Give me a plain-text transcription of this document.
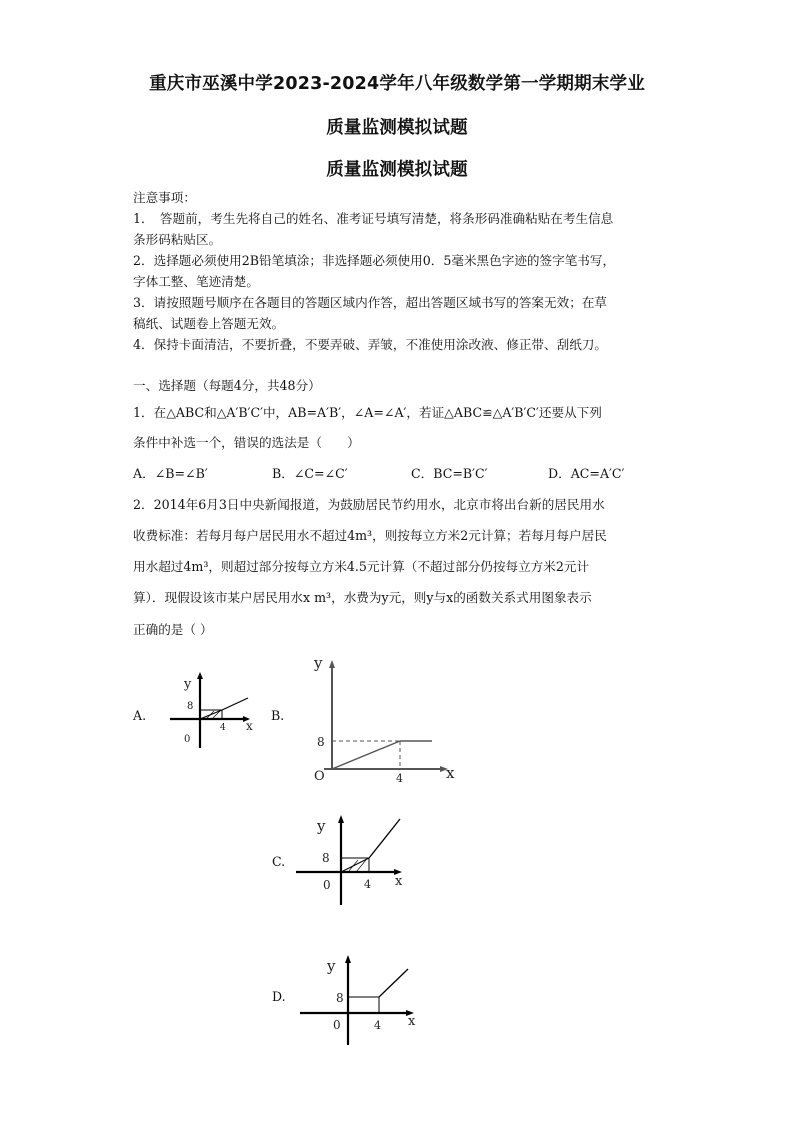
重庆市巫溪中学2023-2024学年八年级数学第一学期期末学业
质量监测模拟试题
质量监测模拟试题
注意事项：
1．　答题前，考生先将自己的姓名、准考证号填写清楚，将条形码准确粘贴在考生信息
条形码粘贴区。
2．选择题必须使用2B铅笔填涂；非选择题必须使用0．5毫米黑色字迹的签字笔书写，
字体工整、笔迹清楚。
3．请按照题号顺序在各题目的答题区域内作答，超出答题区域书写的答案无效；在草
稿纸、试题卷上答题无效。
4．保持卡面清洁，不要折叠，不要弄破、弄皱，不准使用涂改液、修正带、刮纸刀。
一、选择题（每题4分，共48分）
1．在△ABC和△A′B′C′中，AB=A′B′，∠A=∠A′，若证△ABC≌△A′B′C′还要从下列
条件中补选一个，错误的选法是（　　）
A．∠B=∠B′	B．∠C=∠C′	C．BC=B′C′	D．AC=A′C′
2．2014年6月3日中央新闻报道，为鼓励居民节约用水，北京市将出台新的居民用水
收费标准：若每月每户居民用水不超过4m³，则按每立方米2元计算；若每月每户居民
用水超过4m³，则超过部分按每立方米4.5元计算（不超过部分仍按每立方米2元计
算）．现假设该市某户居民用水x m³，水费为y元，则y与x的函数关系式用图象表示
正确的是（ ）
A.	B.
C.
D.
y
8
0
4 x
y
8
O	4	x
y
8
0	4 x
y
8
0	4 x
